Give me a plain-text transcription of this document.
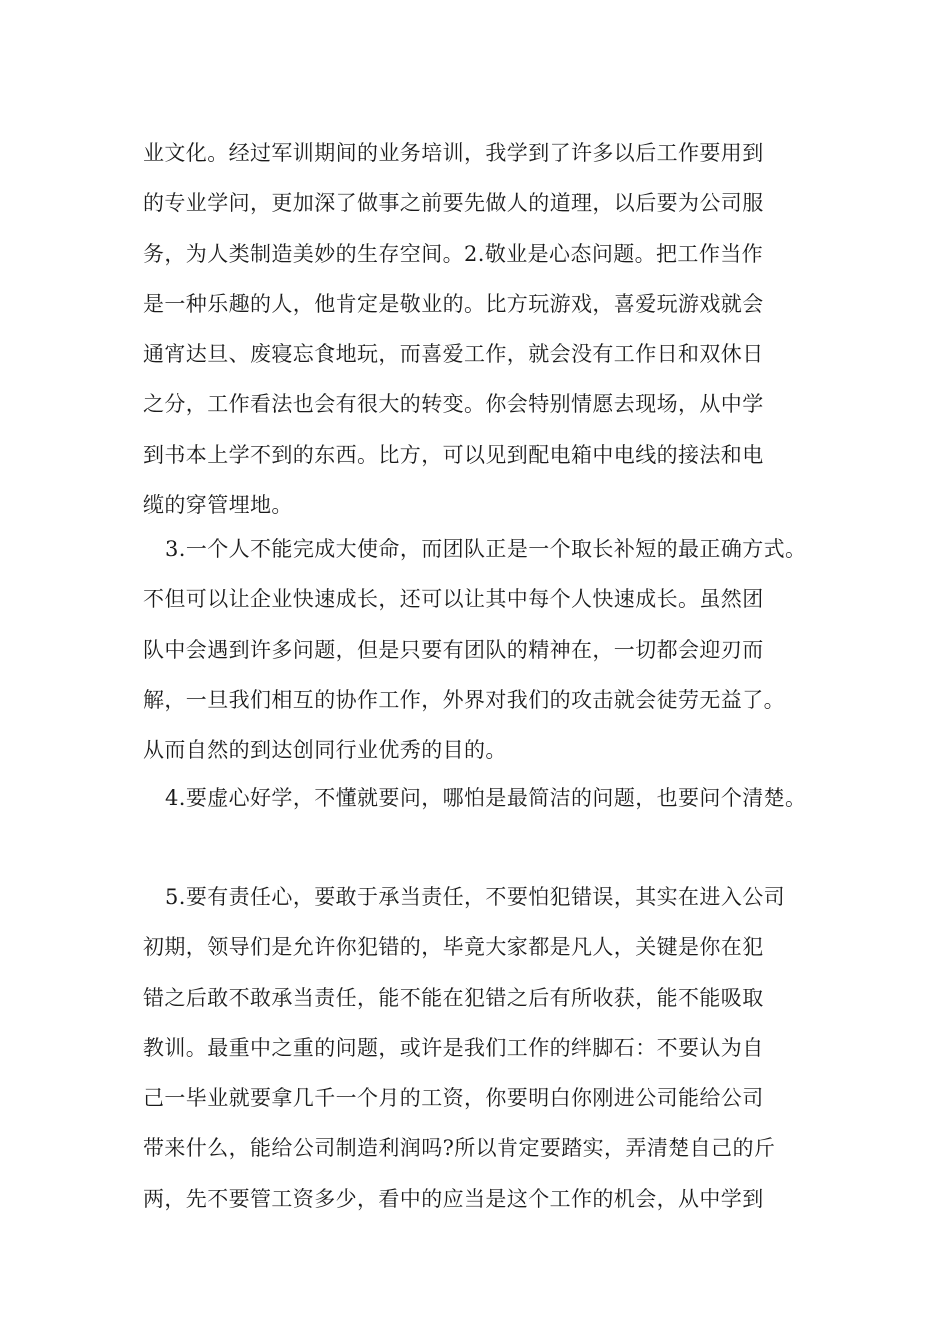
业文化。经过军训期间的业务培训，我学到了许多以后工作要用到
的专业学问，更加深了做事之前要先做人的道理，以后要为公司服
务，为人类制造美妙的生存空间。2.敬业是心态问题。把工作当作
是一种乐趣的人，他肯定是敬业的。比方玩游戏，喜爱玩游戏就会
通宵达旦、废寝忘食地玩，而喜爱工作，就会没有工作日和双休日
之分，工作看法也会有很大的转变。你会特别情愿去现场，从中学
到书本上学不到的东西。比方，可以见到配电箱中电线的接法和电
缆的穿管埋地。
3.一个人不能完成大使命，而团队正是一个取长补短的最正确方式。
不但可以让企业快速成长，还可以让其中每个人快速成长。虽然团
队中会遇到许多问题，但是只要有团队的精神在，一切都会迎刃而
解，一旦我们相互的协作工作，外界对我们的攻击就会徒劳无益了。
从而自然的到达创同行业优秀的目的。
4.要虚心好学，不懂就要问，哪怕是最简洁的问题，也要问个清楚。
5.要有责任心，要敢于承当责任，不要怕犯错误，其实在进入公司
初期，领导们是允许你犯错的，毕竟大家都是凡人，关键是你在犯
错之后敢不敢承当责任，能不能在犯错之后有所收获，能不能吸取
教训。最重中之重的问题，或许是我们工作的绊脚石：不要认为自
己一毕业就要拿几千一个月的工资，你要明白你刚进公司能给公司
带来什么，能给公司制造利润吗?所以肯定要踏实，弄清楚自己的斤
两，先不要管工资多少，看中的应当是这个工作的机会，从中学到
